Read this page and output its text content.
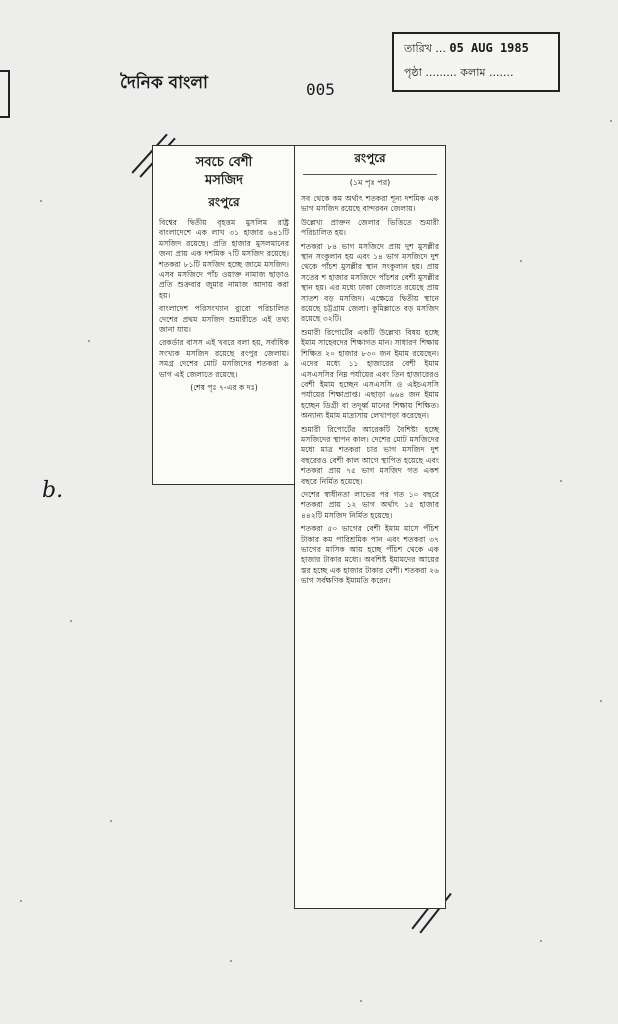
দৈনিক বাংলা	005
তারিখ ... 05 AUG 1985
পৃষ্ঠা ......... কলাম .......
b.
সবচে বেশী
মসজিদ
রংপুরে

বিশ্বের দ্বিতীয় বৃহত্তম মুসলিম রাষ্ট্র বাংলাদেশে এক লাখ ৩১ হাজার ৬৪১টি মসজিদ রয়েছে। প্রতি হাজার মুসলমানের জন্য প্রায় এক দশমিক ৭টি মসজিদ রয়েছে। শতকরা ৮১টি মসজিদ হচ্ছে জামে মসজিদ। এসব মসজিদে পাঁচ ওয়াক্ত নামাজ ছাড়াও প্রতি শুক্রবার জুমার নামাজ আদায় করা হয়।

বাংলাদেশ পরিসংখ্যান ব্যুরো পরিচালিত দেশের প্রথম মসজিদ শুমারীতে এই তথ্য জানা যায়।

রেকর্ডার বাসস এই খবরে বলা হয়, সর্বাধিক সংখ্যক মসজিদ রয়েছে রংপুর জেলায়। সমগ্র দেশের মোট মসজিদের শতকরা ৯ ভাগ এই জেলাতে রয়েছে।

(শেষ পৃঃ ৭-এর ক দঃ)

রংপুরে
(১ম পৃঃ পর)

সব থেকে কম অর্থাৎ শতকরা শূন্য দশমিক এক ভাগ মসজিদ রয়েছে বান্দরবন জেলায়।

উল্লেখ্য প্রাক্তন জেলার ভিত্তিতে শুমারী পরিচালিত হয়।

শতকরা ৮৪ ভাগ মসজিদে প্রায় দুশ মুসল্লীর স্থান সংকুলান হয় এবং ১৪ ভাগ মসজিদে দুশ থেকে পাঁচশ মুসল্লীর স্থান সংকুলান হয়। প্রায় সতের শ হাজার মসজিদে পাঁচশর বেশী মুসল্লীর স্থান হয়। এর মধ্যে ঢাকা জেলাতে রয়েছে প্রায় সাতশ বড় মসজিদ। এক্ষেত্রে দ্বিতীয় স্থানে রয়েছে চট্টগ্রাম জেলা। কুমিল্লাতে বড় মসজিদ রয়েছে ৩২টি।

শুমারী রিপোর্টের একটি উল্লেখ্য বিষয় হচ্ছে ইমাম সাহেবদের শিক্ষাগত মান। সাধারণ শিক্ষায় শিক্ষিত ২০ হাজার ৮৩০ জন ইমাম রয়েছেন। এদের মধ্যে ১১ হাজারের বেশী ইমাম এসএসসির নিম্ন পর্যায়ের এবং তিন হাজারেরও বেশী ইমাম হচ্ছেন এসএসসি ও এইচএসসি পর্যায়ের শিক্ষাপ্রাপ্ত। এছাড়া ৬৬৪ জন ইমাম হচ্ছেন ডিগ্রী বা তদূর্ধ্ব মানের শিক্ষায় শিক্ষিত। অন্যান্য ইমাম মাদ্রাসায় লেখাপড়া করেছেন।

শুমারী রিপোর্টের আরেকটি বৈশিষ্ট্য হচ্ছে মসজিদের স্থাপন কাল। দেশের মোট মসজিদের মধ্যে মাত্র শতকরা চার ভাগ মসজিদ দুশ বছরেরও বেশী কাল আগে স্থাপিত হয়েছে এবং শতকরা প্রায় ৭৫ ভাগ মসজিদ গত একশ বছরে নির্মিত হয়েছে।

দেশের স্বাধীনতা লাভের পর গত ১০ বছরে শতকরা প্রায় ১২ ভাগ অর্থাৎ ১৫ হাজার ৪৪২টি মসজিদ নির্মিত হয়েছে।

শতকরা ৫০ ভাগের বেশী ইমাম মাসে পঁচিশ টাকার কম পারিশ্রমিক পান এবং শতকরা ৩৭ ভাগের মাসিক আয় হচ্ছে পঁচিশ থেকে এক হাজার টাকার মধ্যে। অবশিষ্ট ইমামদের আয়ের স্তর হচ্ছে এক হাজার টাকার বেশী। শতকরা ২৬ ভাগ সর্বক্ষণিক ইমামতি করেন।
